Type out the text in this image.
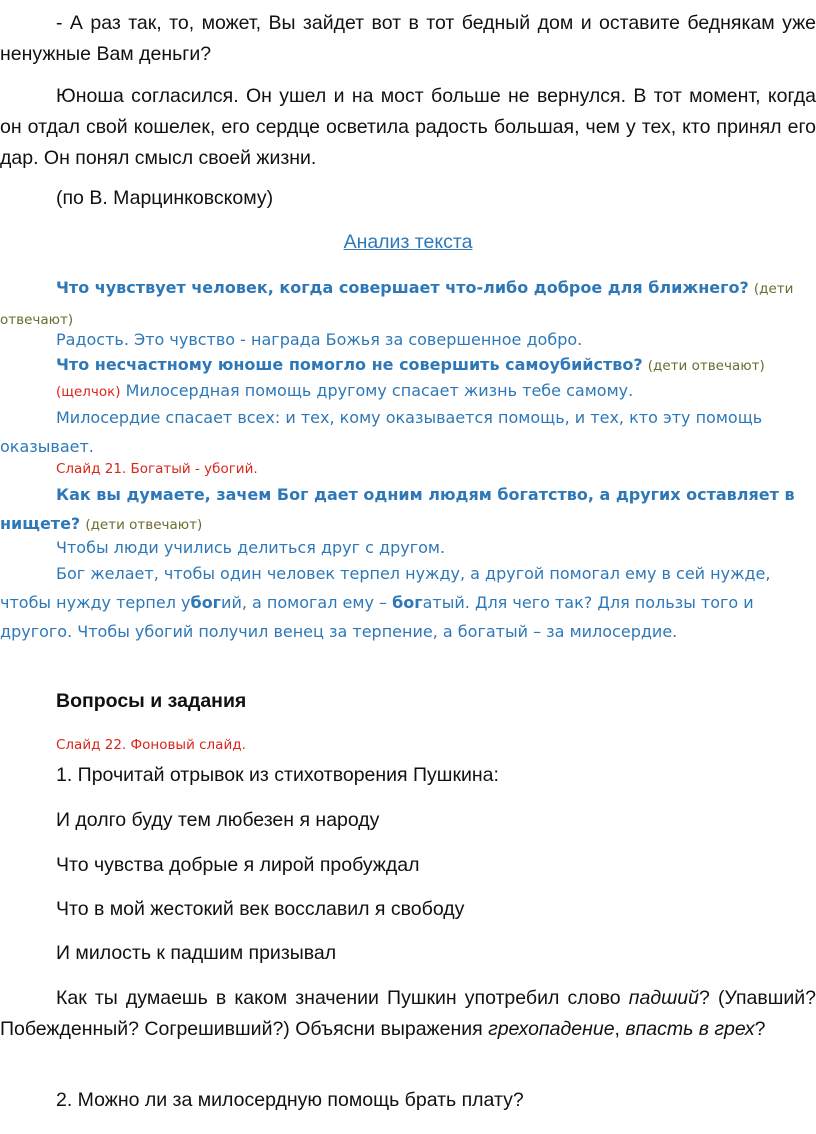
- А раз так, то, может, Вы зайдет вот в тот бедный дом и оставите беднякам уже ненужные Вам деньги?

Юноша согласился. Он ушел и на мост больше не вернулся. В тот момент, когда он отдал свой кошелек, его сердце осветила радость большая, чем у тех, кто принял его дар. Он понял смысл своей жизни.

(по В. Марцинковскому)

Анализ текста

Что чувствует человек, когда совершает что-либо доброе для ближнего? (дети отвечают)

Радость. Это чувство - награда Божья за совершенное добро.

Что несчастному юноше помогло не совершить самоубийство? (дети отвечают)

(щелчок) Милосердная помощь другому спасает жизнь тебе самому.

Милосердие спасает всех: и тех, кому оказывается помощь, и тех, кто эту помощь оказывает.

Слайд 21. Богатый - убогий.

Как вы думаете, зачем Бог дает одним людям богатство, а других оставляет в нищете? (дети отвечают)

Чтобы люди учились делиться друг с другом.

Бог желает, чтобы один человек терпел нужду, а другой помогал ему в сей нужде, чтобы нужду терпел убогий, а помогал ему – богатый. Для чего так? Для пользы того и другого. Чтобы убогий получил венец за терпение, а богатый – за милосердие.

Вопросы и задания

Слайд 22. Фоновый слайд.

1. Прочитай отрывок из стихотворения Пушкина:

И долго буду тем любезен я народу

Что чувства добрые я лирой пробуждал

Что в мой жестокий век восславил я свободу

И милость к падшим призывал

Как ты думаешь в каком значении Пушкин употребил слово падший? (Упавший? Побежденный? Согрешивший?) Объясни выражения грехопадение, впасть в грех?

2. Можно ли за милосердную помощь брать плату?
